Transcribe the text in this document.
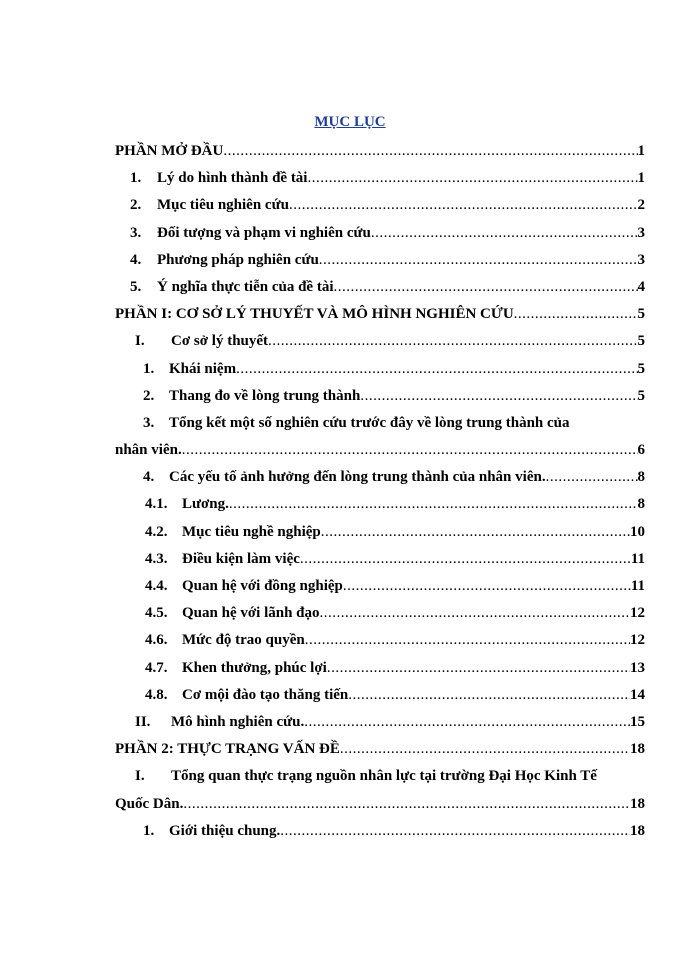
MỤC LỤC
PHẦN MỞ ĐẦU .....	1
1.	Lý do hình thành đề tài .....	1
2.	Mục tiêu nghiên cứu .....	2
3.	Đối tượng và phạm vi nghiên cứu .....	3
4.	Phương pháp nghiên cứu .....	3
5.	Ý nghĩa thực tiễn của đề tài .....	4
PHẦN I: CƠ SỞ LÝ THUYẾT VÀ MÔ HÌNH NGHIÊN CỨU .....	5
I.	Cơ sở lý thuyết .....	5
1. Khái niệm .....	5
2. Thang đo về lòng trung thành .....	5
3. Tổng kết một số nghiên cứu trước đây về lòng trung thành của
nhân viên. .....	6
4. Các yếu tố ảnh hưởng đến lòng trung thành của nhân viên. .....	8
4.1. Lương. .....	8
4.2. Mục tiêu nghề nghiệp .....	10
4.3. Điều kiện làm việc .....	11
4.4. Quan hệ với đồng nghiệp .....	11
4.5. Quan hệ với lãnh đạo .....	12
4.6. Mức độ trao quyền .....	12
4.7. Khen thưởng, phúc lợi .....	13
4.8. Cơ mội đào tạo thăng tiến .....	14
II.	Mô hình nghiên cứu. .....	15
PHẦN 2: THỰC TRẠNG VẤN ĐỀ .....	18
I. Tổng quan thực trạng nguồn nhân lực tại trường Đại Học Kinh Tế
Quốc Dân. .....	18
1. Giới thiệu chung. .....	18
